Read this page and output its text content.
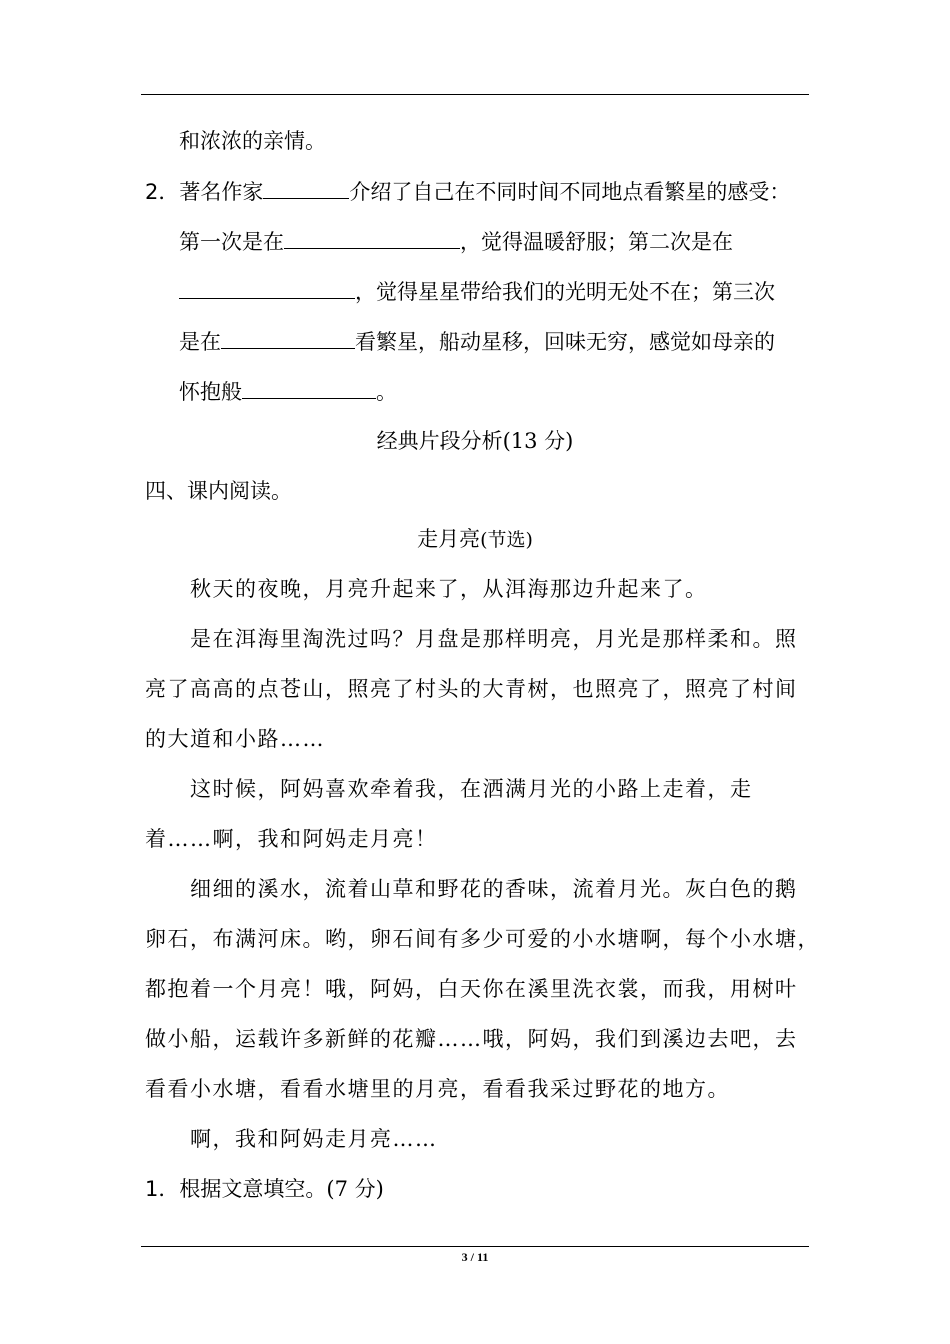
和浓浓的亲情。
2．著名作家	介绍了自己在不同时间不同地点看繁星的感受：
第一次是在	，觉得温暖舒服；第二次是在
，觉得星星带给我们的光明无处不在；第三次
是在	看繁星，船动星移，回味无穷，感觉如母亲的
怀抱般	。
经典片段分析(13 分)
四、课内阅读。
走月亮(节选)
秋天的夜晚，月亮升起来了，从洱海那边升起来了。
是在洱海里淘洗过吗？月盘是那样明亮，月光是那样柔和。照
亮了高高的点苍山，照亮了村头的大青树，也照亮了，照亮了村间
的大道和小路……
这时候，阿妈喜欢牵着我，在洒满月光的小路上走着，走
着……啊，我和阿妈走月亮！
细细的溪水，流着山草和野花的香味，流着月光。灰白色的鹅
卵石，布满河床。哟，卵石间有多少可爱的小水塘啊，每个小水塘，
都抱着一个月亮！哦，阿妈，白天你在溪里洗衣裳，而我，用树叶
做小船，运载许多新鲜的花瓣……哦，阿妈，我们到溪边去吧，去
看看小水塘，看看水塘里的月亮，看看我采过野花的地方。
啊，我和阿妈走月亮……
1．根据文意填空。(7 分)
3 / 11
